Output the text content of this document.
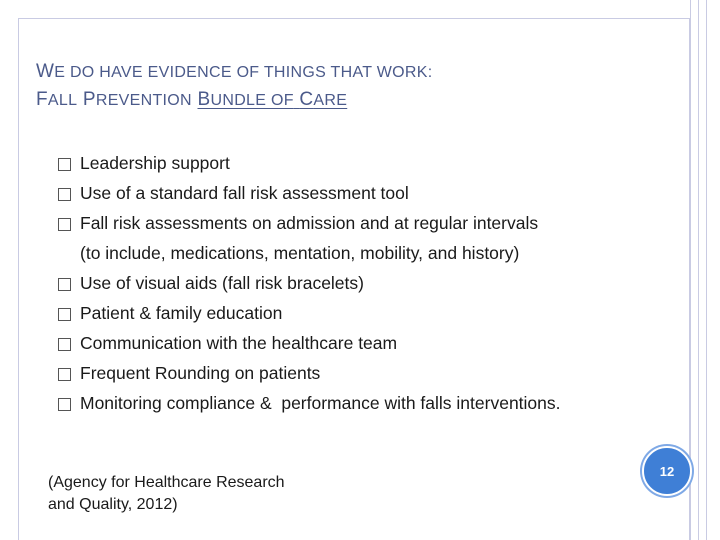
WE DO HAVE EVIDENCE OF THINGS THAT WORK:
FALL PREVENTION BUNDLE OF CARE
Leadership support
Use of a standard fall risk assessment tool
Fall risk assessments on admission and at regular intervals
(to include, medications, mentation, mobility, and history)
Use of visual aids (fall risk bracelets)
Patient & family education
Communication with the healthcare team
Frequent Rounding on patients
Monitoring compliance &  performance with falls interventions.
(Agency for Healthcare Research
and Quality, 2012)
12
